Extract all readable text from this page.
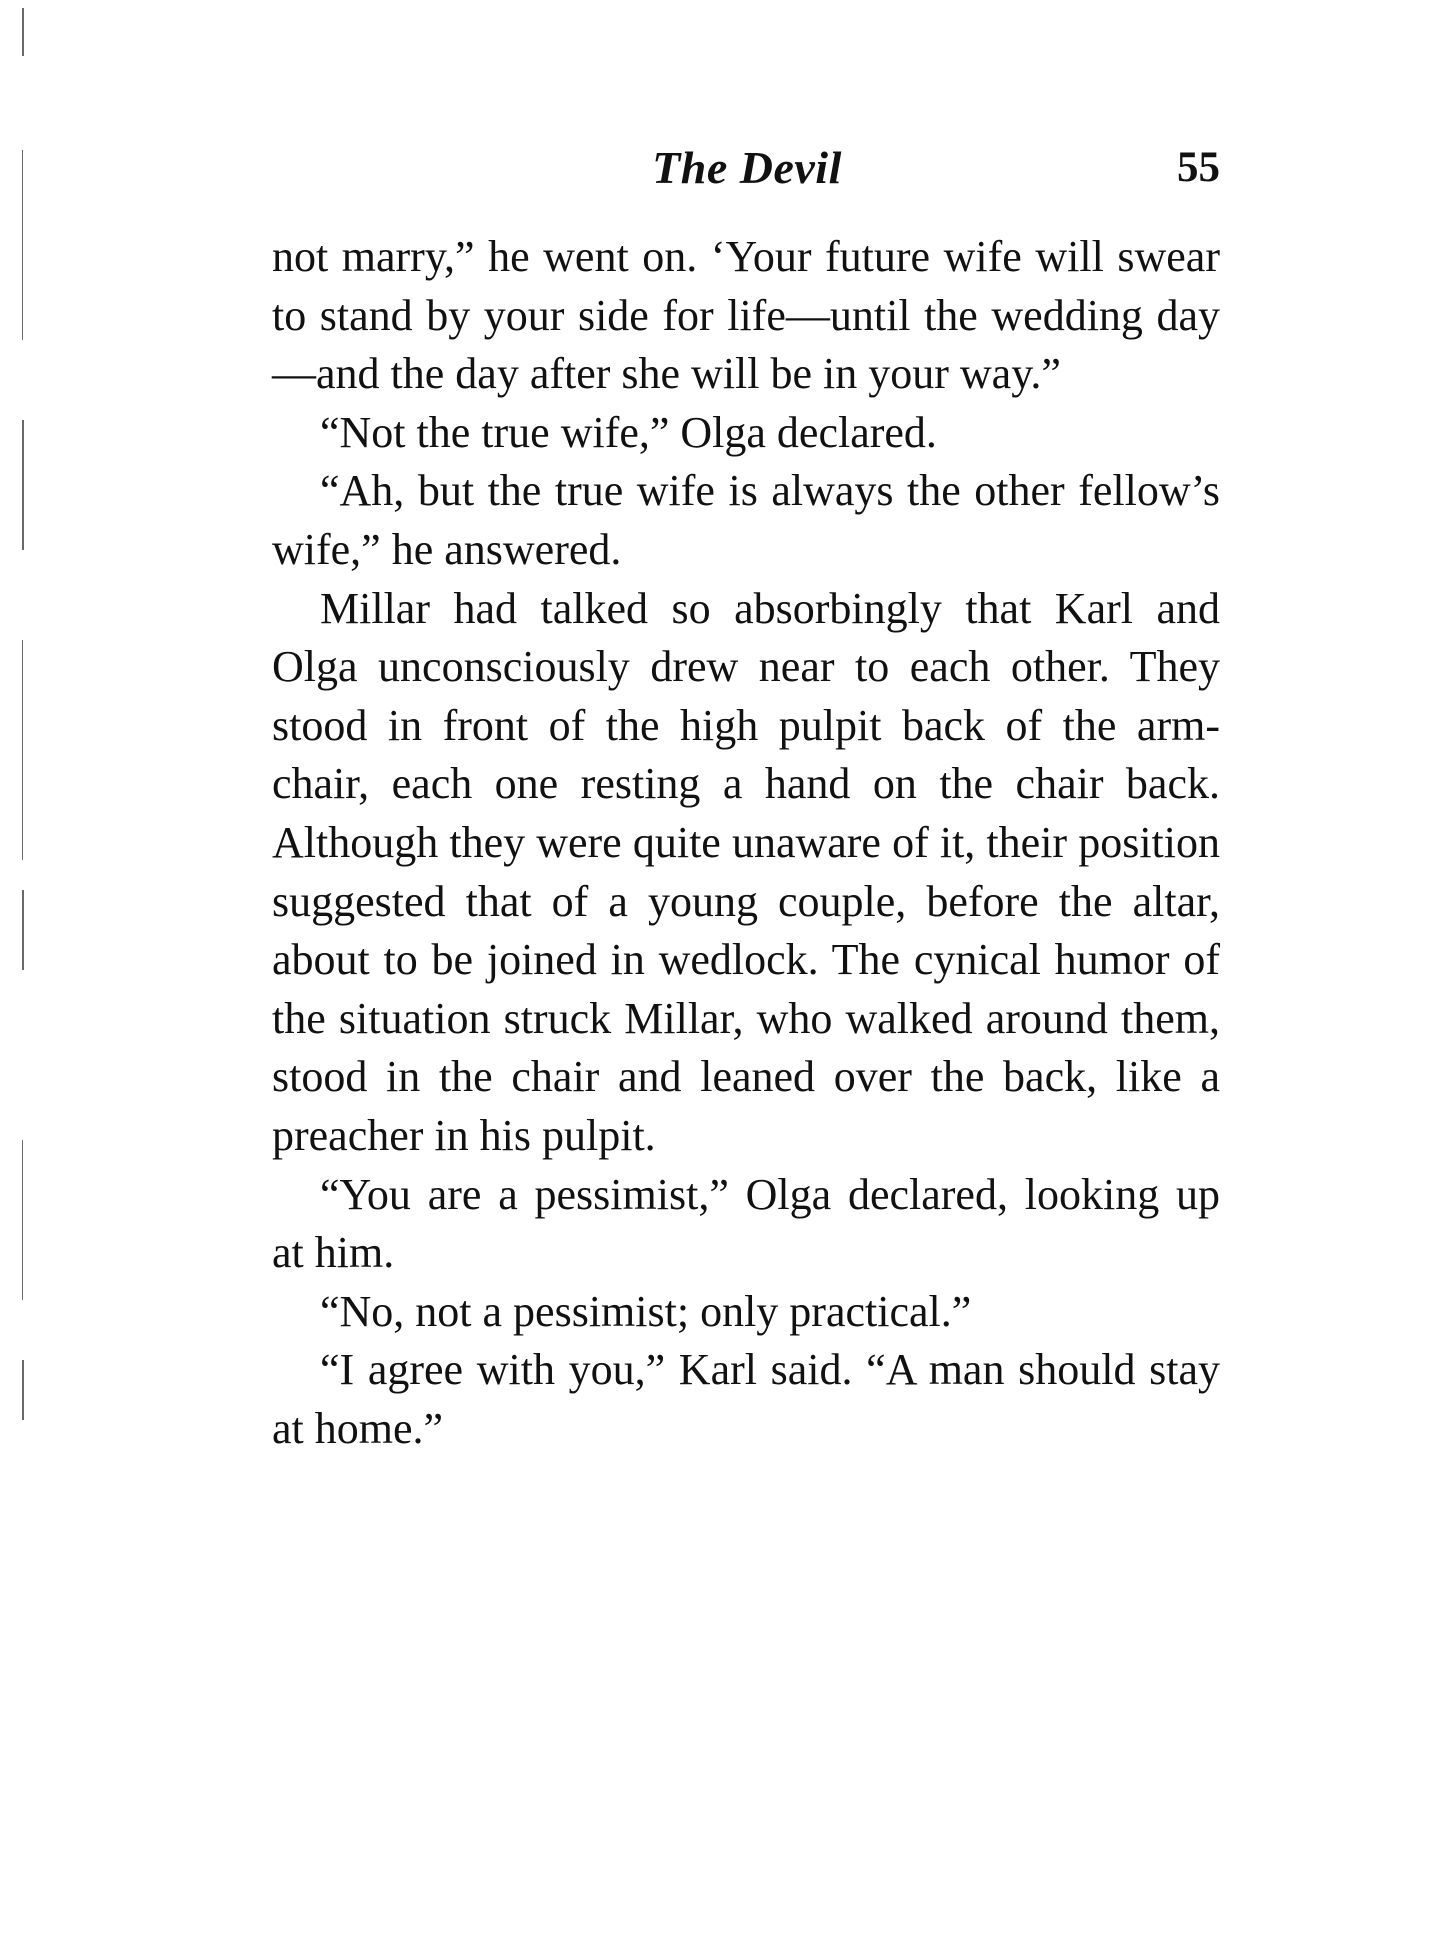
The Devil	55

not marry,” he went on. ‘Your future wife will swear to stand by your side for life—until the wedding day—and the day after she will be in your way.”

“Not the true wife,” Olga declared.

“Ah, but the true wife is always the other fellow’s wife,” he answered.

Millar had talked so absorbingly that Karl and Olga unconsciously drew near to each other. They stood in front of the high pulpit back of the arm-chair, each one resting a hand on the chair back. Although they were quite unaware of it, their position suggested that of a young couple, before the altar, about to be joined in wedlock. The cynical humor of the situation struck Millar, who walked around them, stood in the chair and leaned over the back, like a preacher in his pulpit.

“You are a pessimist,” Olga declared, looking up at him.

“No, not a pessimist; only practical.”

“I agree with you,” Karl said. “A man should stay at home.”
